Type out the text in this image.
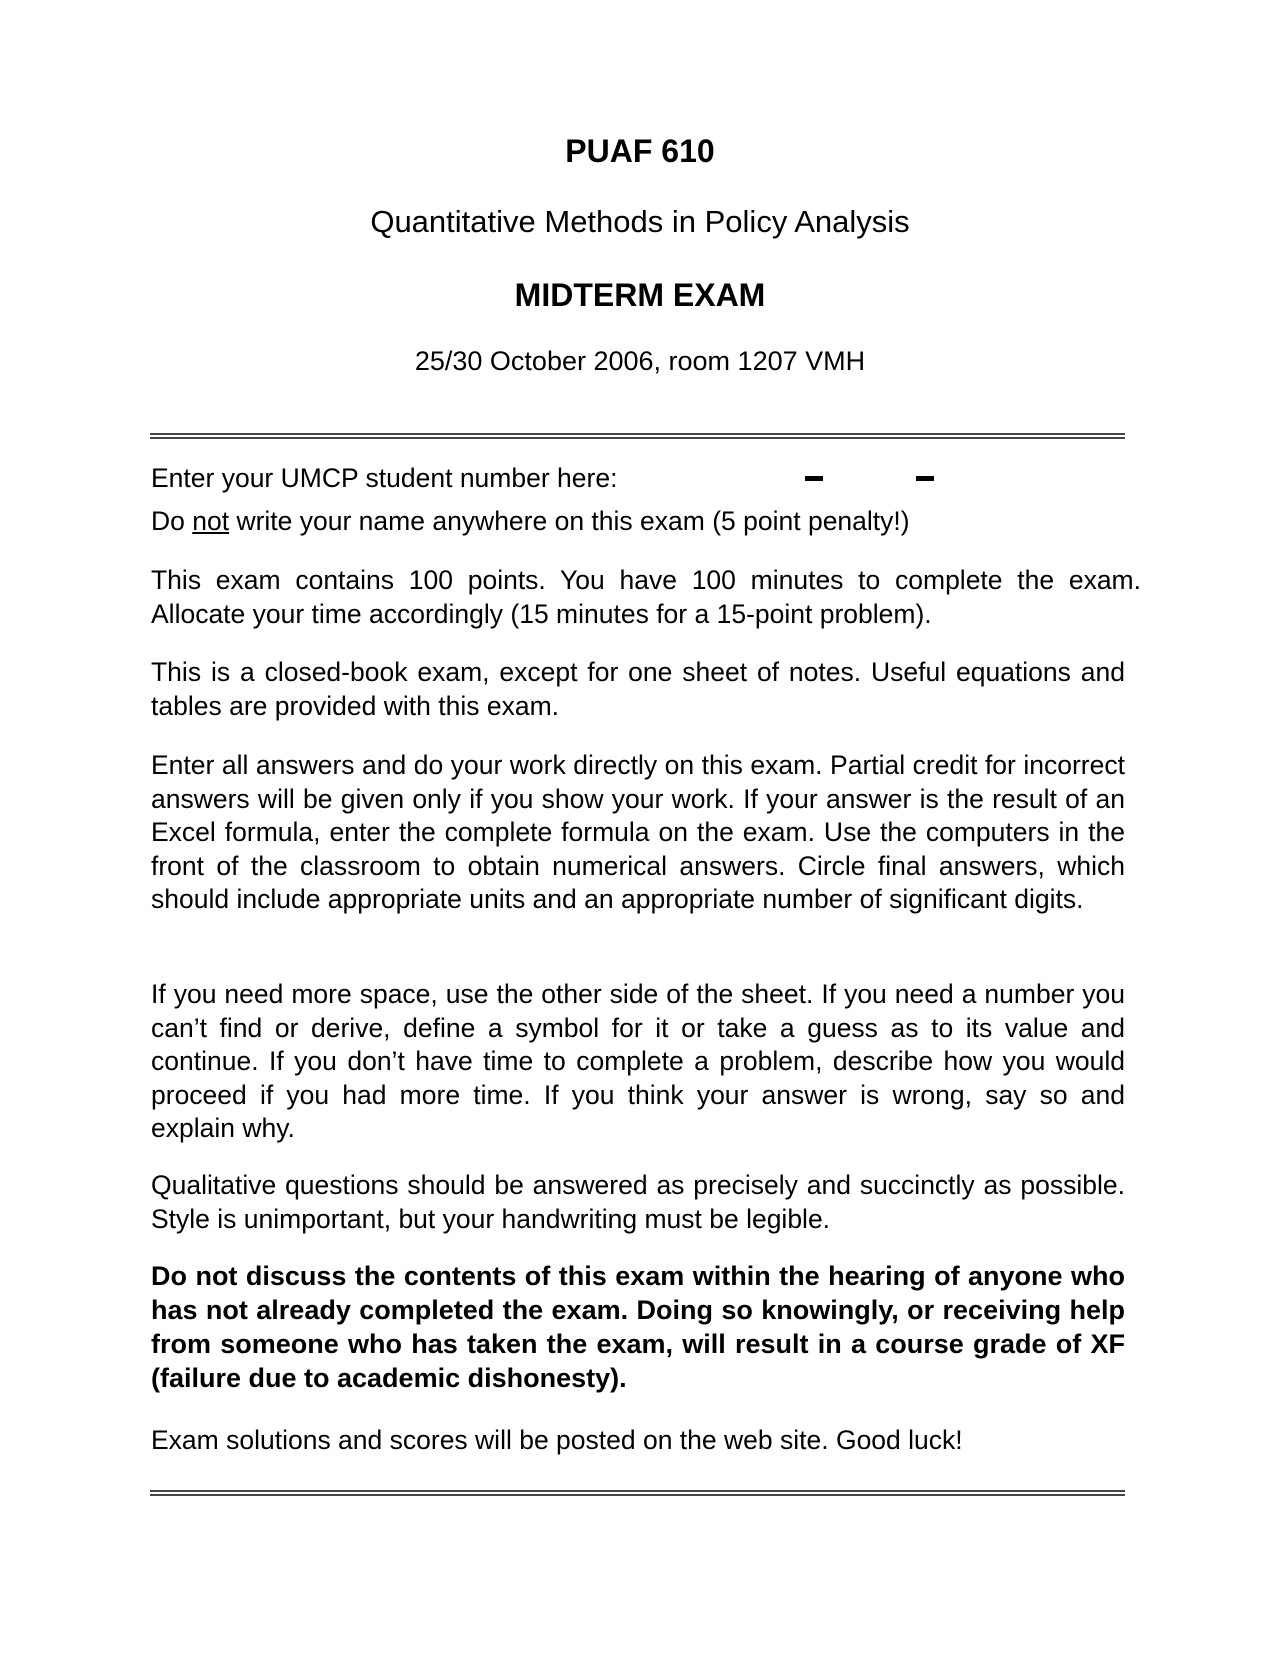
PUAF 610
Quantitative Methods in Policy Analysis
MIDTERM EXAM
25/30 October 2006, room 1207 VMH
Enter your UMCP student number here:
Do not write your name anywhere on this exam (5 point penalty!)
This exam contains 100 points. You have 100 minutes to complete the exam. Allocate your time accordingly (15 minutes for a 15-point problem).
This is a closed-book exam, except for one sheet of notes. Useful equations and tables are provided with this exam.
Enter all answers and do your work directly on this exam. Partial credit for incorrect answers will be given only if you show your work. If your answer is the result of an Excel formula, enter the complete formula on the exam. Use the computers in the front of the classroom to obtain numerical answers. Circle final answers, which should include appropriate units and an appropriate number of significant digits.
If you need more space, use the other side of the sheet. If you need a number you can’t find or derive, define a symbol for it or take a guess as to its value and continue. If you don’t have time to complete a problem, describe how you would proceed if you had more time. If you think your answer is wrong, say so and explain why.
Qualitative questions should be answered as precisely and succinctly as possible. Style is unimportant, but your handwriting must be legible.
Do not discuss the contents of this exam within the hearing of anyone who has not already completed the exam. Doing so knowingly, or receiving help from someone who has taken the exam, will result in a course grade of XF (failure due to academic dishonesty).
Exam solutions and scores will be posted on the web site. Good luck!
